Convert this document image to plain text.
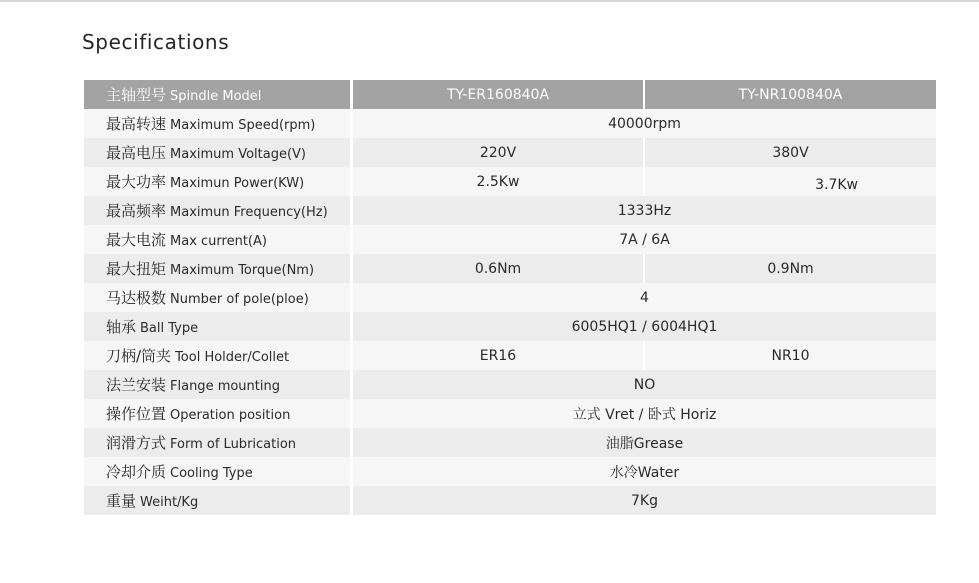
Specifications
主轴型号 Spindle Model	TY-ER160840A	TY-NR100840A
最高转速 Maximum Speed(rpm)	40000rpm	
最高电压 Maximum Voltage(V)	220V	380V
最大功率 Maximun Power(KW)	2.5Kw	3.7Kw
最高频率 Maximun Frequency(Hz)	1333Hz	
最大电流 Max current(A)	7A / 6A	
最大扭矩 Maximum Torque(Nm)	0.6Nm	0.9Nm
马达极数 Number of pole(ploe)	4	
轴承 Ball Type	6005HQ1 / 6004HQ1	
刀柄/筒夹 Tool Holder/Collet	ER16	NR10
法兰安装 Flange mounting	NO	
操作位置 Operation position	立式 Vret / 卧式 Horiz	
润滑方式 Form of Lubrication	油脂Grease	
冷却介质 Cooling Type	水冷Water	
重量 Weiht/Kg	7Kg	
